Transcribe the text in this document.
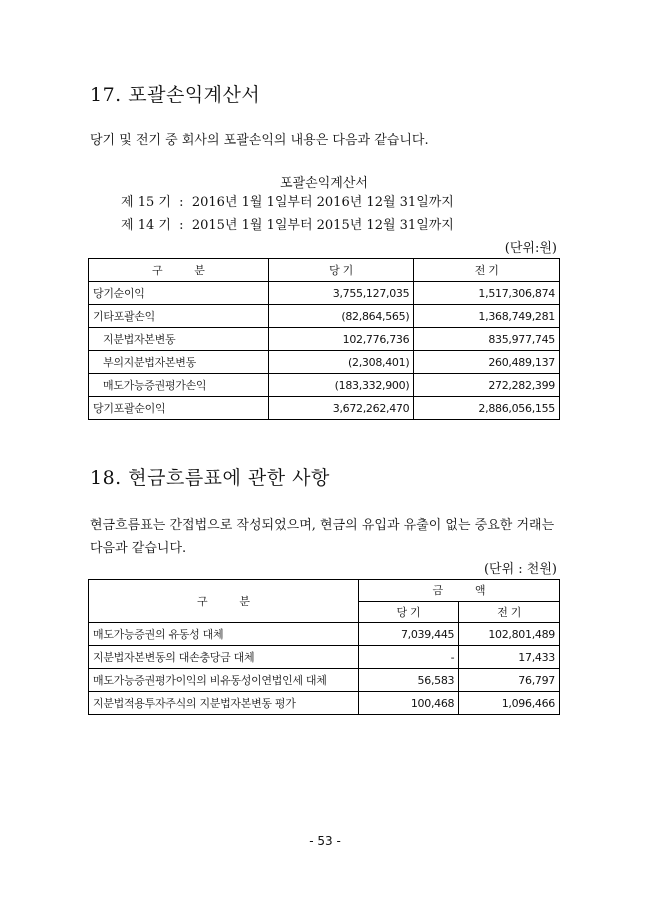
17. 포괄손익계산서
당기 및 전기 중 회사의 포괄손익의 내용은 다음과 같습니다.
포괄손익계산서
제 15 기  :  2016년 1월 1일부터 2016년 12월 31일까지
제 14 기  :  2015년 1월 1일부터 2015년 12월 31일까지
(단위:원)
구          분	당 기	전 기
당기순이익	3,755,127,035	1,517,306,874
기타포괄손익	(82,864,565)	1,368,749,281
지분법자본변동	102,776,736	835,977,745
부의지분법자본변동	(2,308,401)	260,489,137
매도가능증권평가손익	(183,332,900)	272,282,399
당기포괄순이익	3,672,262,470	2,886,056,155
18. 현금흐름표에 관한 사항
현금흐름표는 간접법으로 작성되었으며, 현금의 유입과 유출이 없는 중요한 거래는
다음과 같습니다.
(단위 : 천원)
구          분	금          액	
	당 기	전 기
매도가능증권의 유동성 대체	7,039,445	102,801,489
지분법자본변동의 대손충당금 대체	-	17,433
매도가능증권평가이익의 비유동성이연법인세 대체	56,583	76,797
지분법적용투자주식의 지분법자본변동 평가	100,468	1,096,466
- 53 -
